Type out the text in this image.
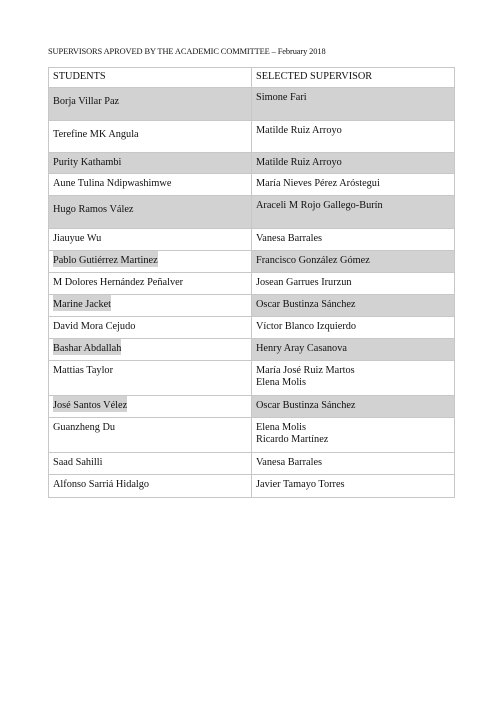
SUPERVISORS APROVED BY THE ACADEMIC COMMITTEE – February 2018
STUDENTS	SELECTED SUPERVISOR

Borja Villar Paz	Simone Fari

Terefine MK Angula	Matilde Ruiz Arroyo

Purity Kathambi	Matilde Ruiz Arroyo

Aune Tulina Ndipwashimwe	María Nieves Pérez Aróstegui

Hugo Ramos Vález	Araceli M Rojo Gallego-Burín

Jiauyue Wu	Vanesa Barrales

Pablo Gutiérrez Martinez	Francisco González Gómez

M Dolores Hernández Peñalver	Josean Garrues Irurzun

Marine Jacket	Oscar Bustinza Sánchez

David Mora Cejudo	Víctor Blanco Izquierdo

Bashar Abdallah	Henry Aray Casanova

Mattias Taylor	María José Ruiz Martos
Elena Molis

José Santos Vélez	Oscar Bustinza Sánchez

Guanzheng Du	Elena Molis
Ricardo Martínez

Saad Sahilli	Vanesa Barrales

Alfonso Sarriá Hidalgo	Javier Tamayo Torres
